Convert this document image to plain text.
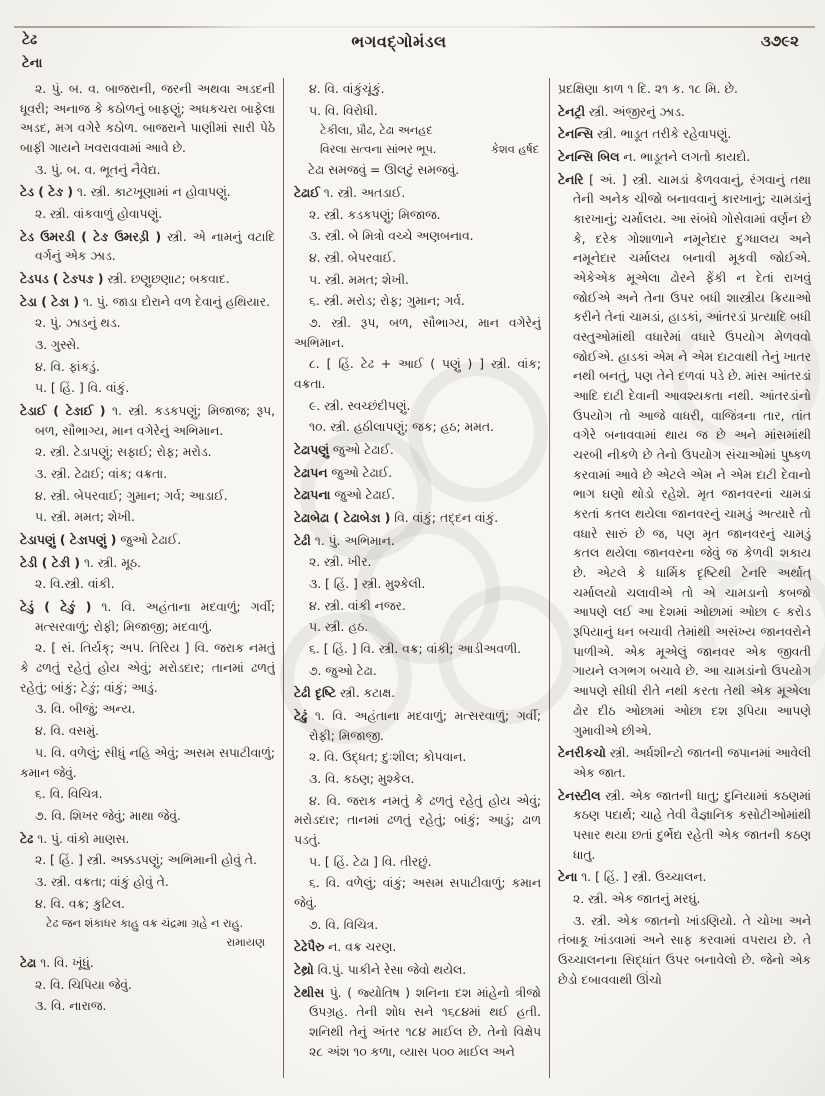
ટેઢ	ભગવદ્ગોમંડલ	૩૭૯૨
ટેના

૨. પું. બ. વ. બાજરાની, જરની અથવા અડદની ધૂવરી; અનાજ કે કઠોળનું બાફણું; અધકચરા બાફેલા અડદ, મગ વગેરે કઠોળ. બાજરાને પાણીમાં સારી પેઠે બાફી ગાયને ખવરાવવામાં આવે છે.

૩. પું. બ. વ. ભૂતનું નૈવેદ્ય.

ટેડ ( ટેઙ ) ૧. સ્ત્રી. કાટખૂણામાં ન હોવાપણું.

૨. સ્ત્રી. વાંકવાળું હોવાપણું.

ટેડ ઉમરડી ( ટેઙ ઉમરડ઼ી ) સ્ત્રી. એ નામનું વટાદિ વર્ગનું એક ઝાડ.

ટેડપડ ( ટેઙપઙ ) સ્ત્રી. છણુછણાટ; બકવાદ.

ટેડા ( ટેઙા ) ૧. પું. જાડા દોરાને વળ દેવાનું હથિયાર.

૨. પું. ઝાડનું થડ.

૩. ગુસ્સે.

૪. વિ. ફાંકડું.

૫. [ હિં. ] વિ. વાંકું.

ટેડાઈ ( ટેઙાઈ ) ૧. સ્ત્રી. કડકપણું; મિજાજ; રૂપ, બળ, સૌભાગ્ય, માન વગેરેનું અભિમાન.

૨. સ્ત્રી. ટેડાપણું; સફાઈ; રોફ; મરોડ.

૩. સ્ત્રી. ટેઢાઈ; વાંક; વક્રતા.

૪. સ્ત્રી. બેપરવાઈ; ગુમાન; ગર્વ; આડાઈ.

૫. સ્ત્રી. મમત; શેખી.

ટેડાપણું ( ટેઙાપણું ) જુઓ ટેઢાઈ.

ટેડી ( ટેઙી ) ૧. સ્ત્રી. મૂઠ.

૨. વિ.સ્ત્રી. વાંકી.

ટેડું ( ટેઙું ) ૧. વિ. અહંતાના મદવાળું; ગર્વી; મત્સરવાળું; રોફી; મિજાજી; મદવાળું.

૨. [ સં. તિર્યક્; અપ. તિરિય ] વિ. જરાક નમતું કે ઢળતું રહેતું હોય એવું; મરોડદાર; તાનમાં ઢળતું રહેતું; બાંકું; ટેઙું; વાંકું; આડું.

૩. વિ. બીજું; અન્ય.

૪. વિ. વસમું.

૫. વિ. વળેલું; સીધું નહિ એવું; અસમ સપાટીવાળું; કમાન જેવું.

૬. વિ. વિચિત્ર.

૭. વિ. શિખર જેવું; માથા જેવું.

ટેઢ ૧. પું. વાંકો માણસ.

૨. [ હિં. ] સ્ત્રી. અક્કડપણું; અભિમાની હોવું તે.

૩. સ્ત્રી. વક્રતા; વાંકું હોવું તે.

૪. વિ. વક્ર; કુટિલ.

ટેઢ જન શંકાધર કાહુ વક્ર ચંદ્રમા ગ્રહે ન રાહુ.

રામાયણ

ટેઢા ૧. વિ. ખૂંધું.

૨. વિ. ચિપિયા જેવું.

૩. વિ. નારાજ.

૪. વિ. વાંકુંચૂંકું.

૫. વિ. વિરોધી.

ટેકીલા, પ્રૌઢ, ટેઢા અનહદ

કેશવ હર્ષદ
વિરલા સત્વના સાંભર ભૂપ.

ટેઢા સમજવું = ઊલટું સમજવું.

ટેઢાઈ ૧. સ્ત્રી. અતડાઈ.

૨. સ્ત્રી. કડકપણું; મિજાજ.

૩. સ્ત્રી. બે મિત્રો વચ્ચે અણબનાવ.

૪. સ્ત્રી. બેપરવાઈ.

૫. સ્ત્રી. મમત; શેખી.

૬. સ્ત્રી. મરોડ; રોફ; ગુમાન; ગર્વ.

૭. સ્ત્રી. રૂપ, બળ, સૌભાગ્ય, માન વગેરેનું અભિમાન.

૮. [ હિં. ટેઢ + આઈ ( પણું ) ] સ્ત્રી. વાંક; વક્રતા.

૯. સ્ત્રી. સ્વચ્છંદીપણું.

૧૦. સ્ત્રી. હઠીલાપણું; જક; હઠ; મમત.

ટેઢાપણું જુઓ ટેઢાઈ.

ટેઢાપન જુઓ ટેઢાઈ.

ટેઢાપના જુઓ ટેઢાઈ.

ટેઢાબેઢા ( ટેઢાબેઙા ) વિ. વાંકું; તદ્દન વાંકું.

ટેઢી ૧. પું. અભિમાન.

૨. સ્ત્રી. ખીર.

૩. [ હિં. ] સ્ત્રી. મુશ્કેલી.

૪. સ્ત્રી. વાંકી નજર.

૫. સ્ત્રી. હઠ.

૬. [ હિં. ] વિ. સ્ત્રી. વક્ર; વાંકી; આડીઅવળી.

૭. જુઓ ટેઢા.

ટેઢી દૃષ્ટિ સ્ત્રી. કટાક્ષ.

ટેઢું ૧. વિ. અહંતાના મદવાળું; મત્સરવાળું; ગર્વી; રોફી; મિજાજી.

૨. વિ. ઉદ્ધત; દુઃશીલ; કોપવાન.

૩. વિ. કઠણ; મુશ્કેલ.

૪. વિ. જરાક નમતું કે ઢળતું રહેતું હોય એવું; મરોડદાર; તાનમાં ઢળતું રહેતું; બાંકું; આડું; ઢાળ પડતું.

૫. [ હિં. ટેઢા ] વિ. તીરછું.

૬. વિ. વળેલું; વાંકું; અસમ સપાટીવાળું; કમાન જેવું.

૭. વિ. વિચિત્ર.

ટેઢેપૈરુ ન. વક્ર ચરણ.

ટેથ્રો વિ.પું. પાકીને રેસા જેવો થયેલ.

ટેથીસ પું. ( જ્યોતિષ ) શનિના દશ માંહેનો ત્રીજો ઉપગ્રહ. તેની શોધ સને ૧૬૮૪માં થઈ હતી. શનિથી તેનું અંતર ૧૮૪ માઈલ છે. તેનો વિક્ષેપ ૨૮ અંશ ૧૦ કળા, વ્યાસ ૫૦૦ માઈલ અને

પ્રદક્ષિણા કાળ ૧ દિ. ૨૧ ક. ૧૮ મિ. છે.

ટેનટ્રી સ્ત્રી. અંજીરનું ઝાડ.

ટેનન્સિ સ્ત્રી. ભાડૂત તરીકે રહેવાપણું.

ટેનન્સિ બિલ ન. ભાડૂતને લગતો કાયદો.

ટેનરિ [ અં. ] સ્ત્રી. ચામડાં કેળવવાનું, રંગવાનું તથા તેની અનેક ચીજો બનાવવાનું કારખાનું; ચામડાંનું કારખાનું; ચર્માલય. આ સંબંધે ગોસેવામાં વર્ણન છે કે, દરેક ગોશાળાને નમૂનેદાર દુગ્ધાલય અને નમૂનેદાર ચર્માલય બનાવી મૂકવી જોઈએ. એકેએક મૂએલા ઢોરને ફેંકી ન દેતાં રાખવું જોઈએ અને તેના ઉપર બધી શાસ્ત્રીય ક્રિયાઓ કરીને તેનાં ચામડાં, હાડકાં, આંતરડાં પ્રત્યાદિ બધી વસ્તુઓમાંથી વધારેમાં વધારે ઉપયોગ મેળવવો જોઈએ. હાડકાં એમ ને એમ દાટવાથી તેનું ખાતર નથી બનતું, પણ તેને દળવાં પડે છે. માંસ આંતરડાં આદિ દાટી દેવાની આવશ્યકતા નથી. આંતરડાંનો ઉપયોગ તો આજે વાધરી, વાજિંત્રના તાર, તાંત વગેરે બનાવવામાં થાય જ છે અને માંસમાંથી ચરબી નીકળે છે તેનો ઉપયોગ સંચાઓમાં પુષ્કળ કરવામાં આવે છે એટલે એમ ને એમ દાટી દેવાનો ભાગ ઘણો થોડો રહેશે. મૃત જાનવરનાં ચામડાં કરતાં કતલ થયેલા જાનવરનું ચામડું અત્યારે તો વધારે સારું છે જ, પણ મૃત જાનવરનું ચામડું કતલ થયેલા જાનવરના જેવું જ કેળવી શકાય છે. એટલે કે ધાર્મિક દૃષ્ટિથી ટેનરિ અર્થાત્ ચર્માલયો ચલાવીએ તો એ ચામડાનો કબજો આપણે લઈ આ દેશમાં ઓછામાં ઓછા ૯ કરોડ રૂપિયાનું ધન બચાવી તેમાંથી અસંખ્ય જાનવરોને પાળીએ. એક મૂએલું જાનવર એક જીવતી ગાયને લગભગ બચાવે છે. આ ચામડાંનો ઉપયોગ આપણે સીધી રીતે નથી કરતા તેથી એક મૂએલા ઢોર દીઠ ઓછામાં ઓછા દશ રૂપિયા આપણે ગુમાવીએ છીએ.

ટેનરીકચો સ્ત્રી. અર્ધશીન્ટો જાતની જપાનમાં આવેલી એક જાત.

ટેનસ્ટીલ સ્ત્રી. એક જાતની ધાતુ; દુનિયામાં કઠણમાં કઠણ પદાર્થ; ચાહે તેવી વૈજ્ઞાનિક કસોટીઓમાંથી પસાર થયા છતાં દુર્ભેદ્ય રહેતી એક જાતની કઠણ ધાતુ.

ટેના ૧. [ હિં. ] સ્ત્રી. ઉચ્ચાલન.

૨. સ્ત્રી. એક જાતનું મરઘું.

૩. સ્ત્રી. એક જાતનો ખાંડણિયો. તે ચોખા અને તંબાકૂ ખાંડવામાં અને સાફ કરવામાં વપરાય છે. તે ઉચ્ચાલનના સિદ્ધાંત ઉપર બનાવેલો છે. જેનો એક છેડો દબાવવાથી ઊંચો
